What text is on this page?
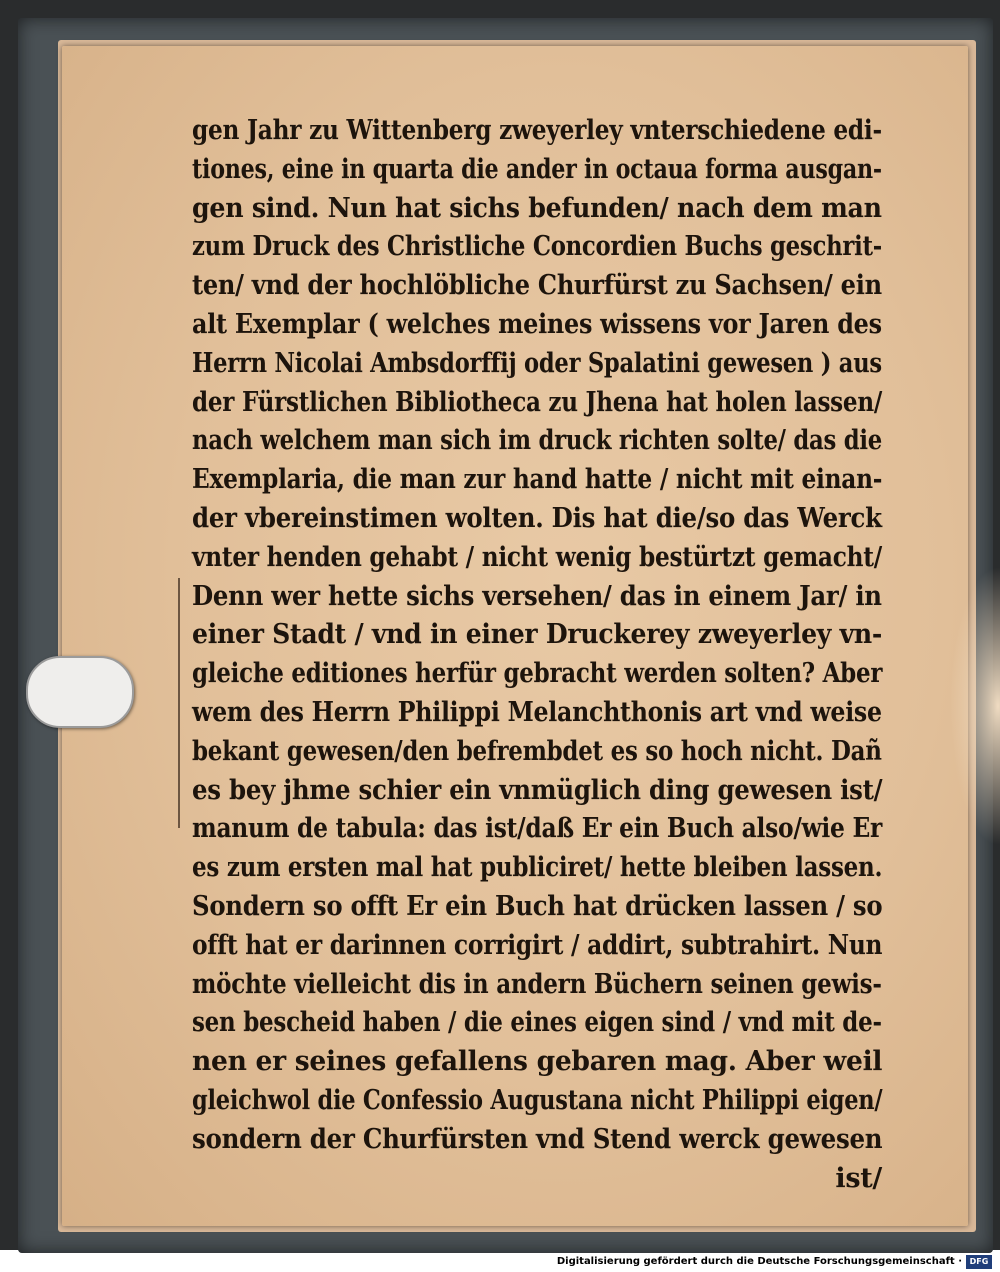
gen Jahr zu Wittenberg zweyerley vnterschiedene edi-
tiones, eine in quarta die ander in octaua forma ausgan-
gen sind. Nun hat sichs befunden/ nach dem man
zum Druck des Christliche Concordien Buchs geschrit-
ten/ vnd der hochlöbliche Churfürst zu Sachsen/ ein
alt Exemplar ( welches meines wissens vor Jaren des
Herrn Nicolai Ambsdorffij oder Spalatini gewesen ) aus
der Fürstlichen Bibliotheca zu Jhena hat holen lassen/
nach welchem man sich im druck richten solte/ das die
Exemplaria, die man zur hand hatte / nicht mit einan-
der vbereinstimen wolten. Dis hat die/so das Werck
vnter henden gehabt / nicht wenig bestürtzt gemacht/
Denn wer hette sichs versehen/ das in einem Jar/ in
einer Stadt / vnd in einer Druckerey zweyerley vn-
gleiche editiones herfür gebracht werden solten? Aber
wem des Herrn Philippi Melanchthonis art vnd weise
bekant gewesen/den befrembdet es so hoch nicht. Dañ
es bey jhme schier ein vnmüglich ding gewesen ist/
manum de tabula: das ist/daß Er ein Buch also/wie Er
es zum ersten mal hat publiciret/ hette bleiben lassen.
Sondern so offt Er ein Buch hat drücken lassen / so
offt hat er darinnen corrigirt / addirt, subtrahirt. Nun
möchte vielleicht dis in andern Büchern seinen gewis-
sen bescheid haben / die eines eigen sind / vnd mit de-
nen er seines gefallens gebaren mag. Aber weil
gleichwol die Confessio Augustana nicht Philippi eigen/
sondern der Churfürsten vnd Stend werck gewesen
ist/
Digitalisierung gefördert durch die Deutsche Forschungsgemeinschaft · DFG
